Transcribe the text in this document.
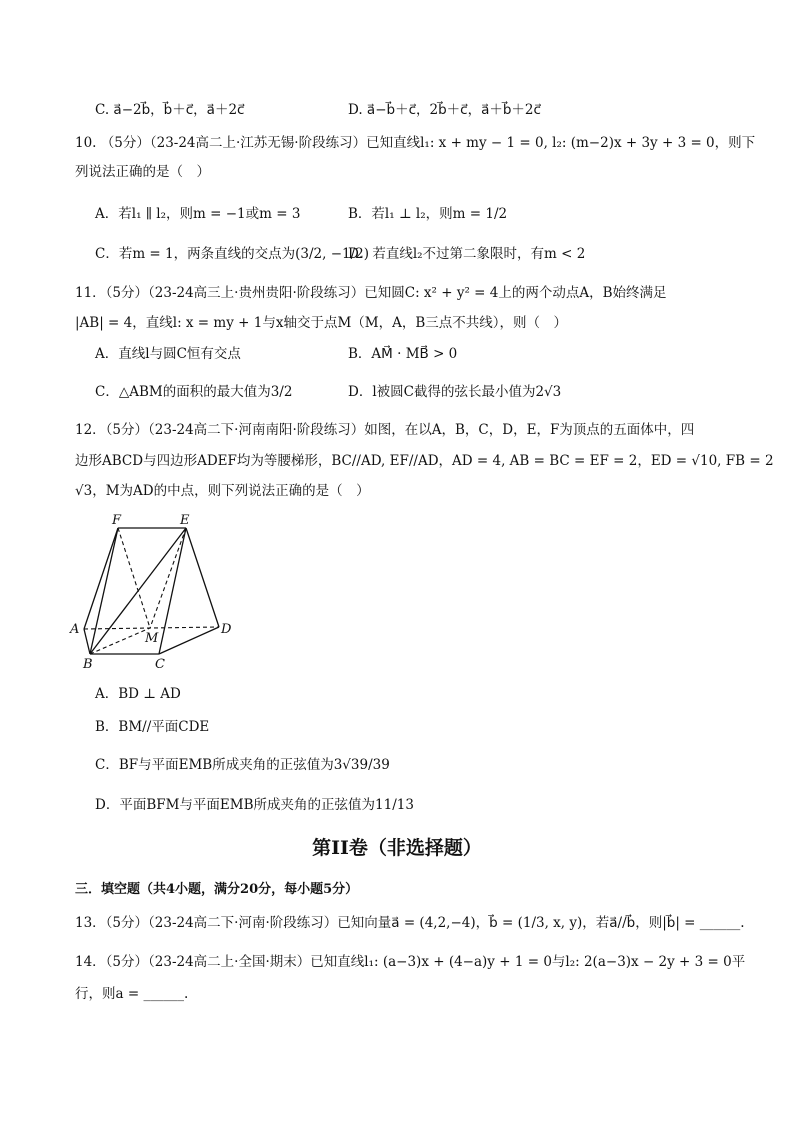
C. a⃗−2b⃗，b⃗＋c⃗，a⃗＋2c⃗	D. a⃗−b⃗＋c⃗，2b⃗＋c⃗，a⃗＋b⃗＋2c⃗
10. （5分）（23-24高二上·江苏无锡·阶段练习）已知直线l₁: x + my − 1 = 0, l₂: (m−2)x + 3y + 3 = 0，则下
列说法正确的是（　）
A．若l₁ ∥ l₂，则m = −1或m = 3	B．若l₁ ⊥ l₂，则m = 1/2
C．若m = 1，两条直线的交点为(3/2, −1/2)
D．若直线l₂不过第二象限时，有m < 2
11．（5分）（23-24高三上·贵州贵阳·阶段练习）已知圆C: x² + y² = 4上的两个动点A，B始终满足
|AB| = 4，直线l: x = my + 1与x轴交于点M（M，A，B三点不共线），则（　）
A．直线l与圆C恒有交点	B．AM⃗ · MB⃗ > 0
C．△ABM的面积的最大值为3/2	D．l被圆C截得的弦长最小值为2√3
12．（5分）（23-24高二下·河南南阳·阶段练习）如图，在以A，B，C，D，E，F为顶点的五面体中，四
边形ABCD与四边形ADEF均为等腰梯形，BC//AD, EF//AD，AD = 4, AB = BC = EF = 2，ED = √10, FB = 2
√3，M为AD的中点，则下列说法正确的是（　）
F	E
A
M
D
B	C
A．BD ⊥ AD
B．BM//平面CDE
C．BF与平面EMB所成夹角的正弦值为3√39/39
D．平面BFM与平面EMB所成夹角的正弦值为11/13
第II卷（非选择题）
三．填空题（共4小题，满分20分，每小题5分）
13．（5分）（23-24高二下·河南·阶段练习）已知向量a⃗ = (4,2,−4)，b⃗ = (1/3, x, y)，若a⃗//b⃗，则|b⃗| = ______.
14．（5分）（23-24高二上·全国·期末）已知直线l₁: (a−3)x + (4−a)y + 1 = 0与l₂: 2(a−3)x − 2y + 3 = 0平
行，则a = ______.
